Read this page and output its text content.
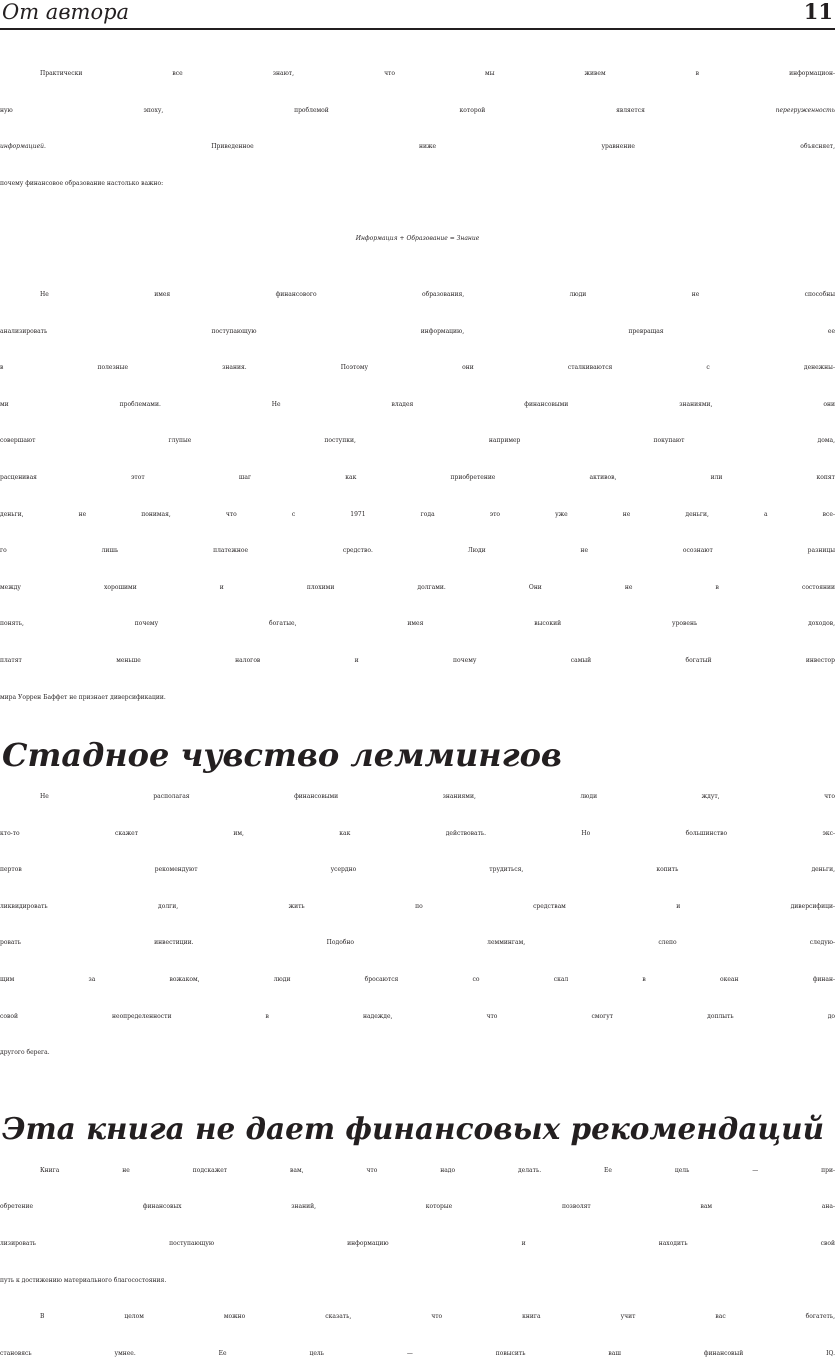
От автора	11
Практически все знают, что мы живем в информацион-
ную эпоху, проблемой которой является перегруженность
информацией. Приведенное ниже уравнение объясняет,
почему финансовое образование настолько важно:
Информация + Образование = Знание
Не имея финансового образования, люди не способны
анализировать поступающую информацию, превращая ее
в полезные знания. Поэтому они сталкиваются с денежны-
ми проблемами. Не владея финансовыми знаниями, они
совершают глупые поступки, например покупают дома,
расценивая этот шаг как приобретение активов, или копят
деньги, не понимая, что с 1971 года это уже не деньги, а все-
го лишь платежное средство. Люди не осознают разницы
между хорошими и плохими долгами. Они не в состоянии
понять, почему богатые, имея высокий уровень доходов,
платят меньше налогов и почему самый богатый инвестор
мира Уоррен Баффет не признает диверсификации.
Стадное чувство леммингов
Не располагая финансовыми знаниями, люди ждут, что
кто-то скажет им, как действовать. Но большинство экс-
пертов рекомендуют усердно трудиться, копить деньги,
ликвидировать долги, жить по средствам и диверсифици-
ровать инвестиции. Подобно леммингам, слепо следую-
щим за вожаком, люди бросаются со скал в океан финан-
совой неопределенности в надежде, что смогут доплыть до
другого берега.
Эта книга не дает финансовых рекомендаций
Книга не подскажет вам, что надо делать. Ее цель — при-
обретение финансовых знаний, которые позволят вам ана-
лизировать поступающую информацию и находить свой
путь к достижению материального благосостояния.
В целом можно сказать, что книга учит вас богатеть,
становясь умнее. Ее цель — повысить ваш финансовый IQ.
